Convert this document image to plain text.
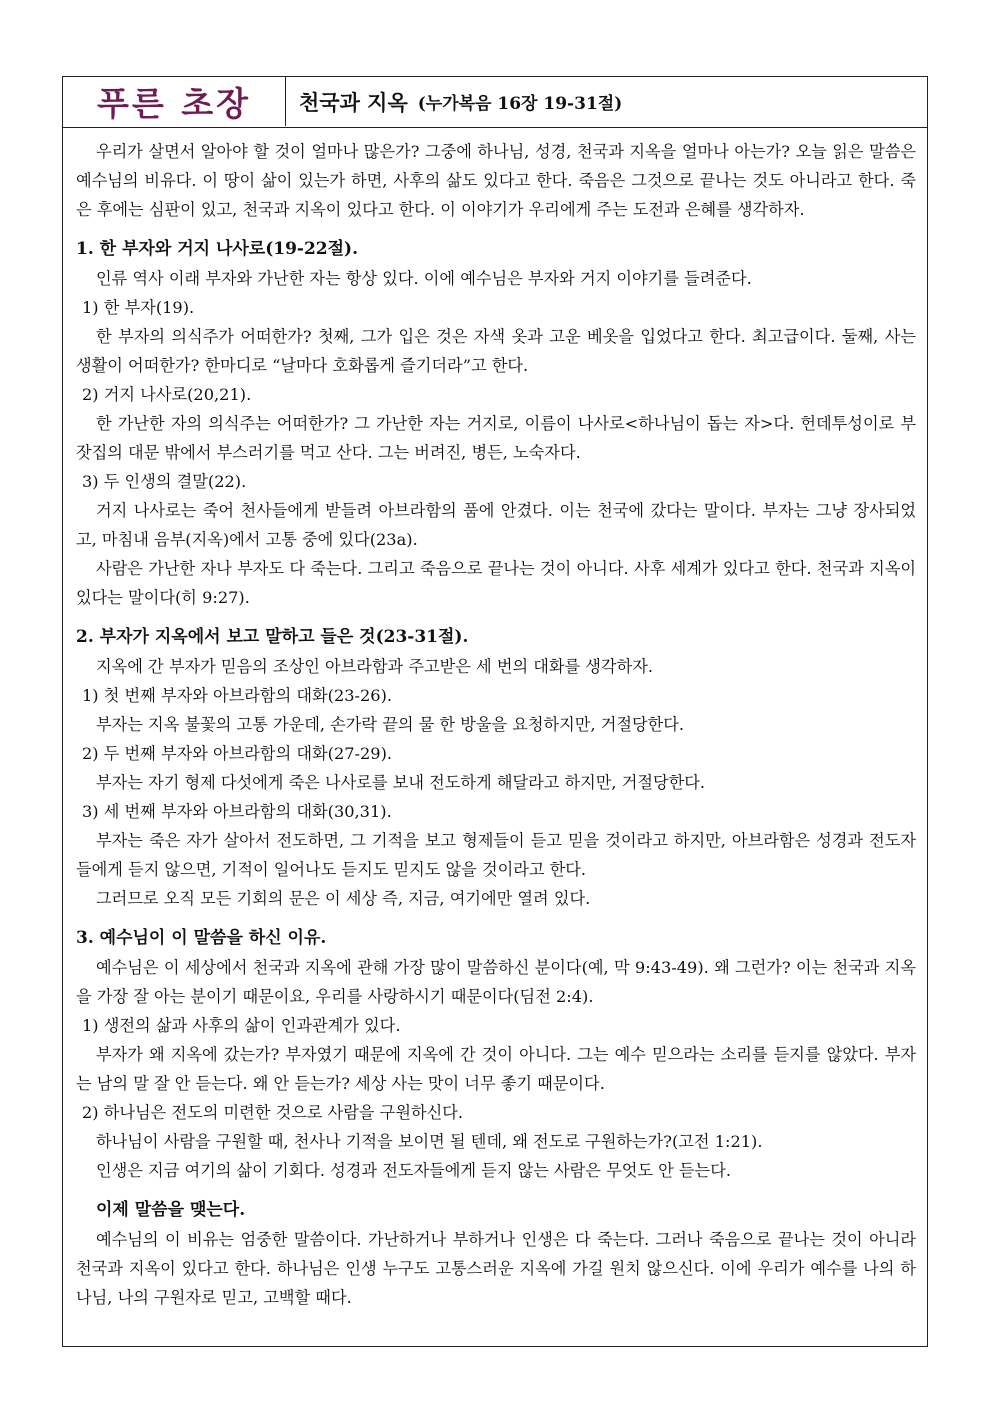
푸른 초장	천국과 지옥 (누가복음 16장 19-31절)

우리가 살면서 알아야 할 것이 얼마나 많은가? 그중에 하나님, 성경, 천국과 지옥을 얼마나 아는가? 오늘 읽은 말씀은 예수님의 비유다. 이 땅이 삶이 있는가 하면, 사후의 삶도 있다고 한다. 죽음은 그것으로 끝나는 것도 아니라고 한다. 죽은 후에는 심판이 있고, 천국과 지옥이 있다고 한다. 이 이야기가 우리에게 주는 도전과 은혜를 생각하자.

1. 한 부자와 거지 나사로(19-22절).

인류 역사 이래 부자와 가난한 자는 항상 있다. 이에 예수님은 부자와 거지 이야기를 들려준다.

1) 한 부자(19).

한 부자의 의식주가 어떠한가? 첫째, 그가 입은 것은 자색 옷과 고운 베옷을 입었다고 한다. 최고급이다. 둘째, 사는 생활이 어떠한가? 한마디로 “날마다 호화롭게 즐기더라”고 한다.

2) 거지 나사로(20,21).

한 가난한 자의 의식주는 어떠한가? 그 가난한 자는 거지로, 이름이 나사로<하나님이 돕는 자>다. 헌데투성이로 부잣집의 대문 밖에서 부스러기를 먹고 산다. 그는 버려진, 병든, 노숙자다.

3) 두 인생의 결말(22).

거지 나사로는 죽어 천사들에게 받들려 아브라함의 품에 안겼다. 이는 천국에 갔다는 말이다. 부자는 그냥 장사되었고, 마침내 음부(지옥)에서 고통 중에 있다(23a).

사람은 가난한 자나 부자도 다 죽는다. 그리고 죽음으로 끝나는 것이 아니다. 사후 세계가 있다고 한다. 천국과 지옥이 있다는 말이다(히 9:27).

2. 부자가 지옥에서 보고 말하고 들은 것(23-31절).

지옥에 간 부자가 믿음의 조상인 아브라함과 주고받은 세 번의 대화를 생각하자.

1) 첫 번째 부자와 아브라함의 대화(23-26).

부자는 지옥 불꽃의 고통 가운데, 손가락 끝의 물 한 방울을 요청하지만, 거절당한다.

2) 두 번째 부자와 아브라함의 대화(27-29).

부자는 자기 형제 다섯에게 죽은 나사로를 보내 전도하게 해달라고 하지만, 거절당한다.

3) 세 번째 부자와 아브라함의 대화(30,31).

부자는 죽은 자가 살아서 전도하면, 그 기적을 보고 형제들이 듣고 믿을 것이라고 하지만, 아브라함은 성경과 전도자들에게 듣지 않으면, 기적이 일어나도 듣지도 믿지도 않을 것이라고 한다.

그러므로 오직 모든 기회의 문은 이 세상 즉, 지금, 여기에만 열려 있다.

3. 예수님이 이 말씀을 하신 이유.

예수님은 이 세상에서 천국과 지옥에 관해 가장 많이 말씀하신 분이다(예, 막 9:43-49). 왜 그런가? 이는 천국과 지옥을 가장 잘 아는 분이기 때문이요, 우리를 사랑하시기 때문이다(딤전 2:4).

1) 생전의 삶과 사후의 삶이 인과관계가 있다.

부자가 왜 지옥에 갔는가? 부자였기 때문에 지옥에 간 것이 아니다. 그는 예수 믿으라는 소리를 듣지를 않았다. 부자는 남의 말 잘 안 듣는다. 왜 안 듣는가? 세상 사는 맛이 너무 좋기 때문이다.

2) 하나님은 전도의 미련한 것으로 사람을 구원하신다.

하나님이 사람을 구원할 때, 천사나 기적을 보이면 될 텐데, 왜 전도로 구원하는가?(고전 1:21).

인생은 지금 여기의 삶이 기회다. 성경과 전도자들에게 듣지 않는 사람은 무엇도 안 듣는다.

이제 말씀을 맺는다.

예수님의 이 비유는 엄중한 말씀이다. 가난하거나 부하거나 인생은 다 죽는다. 그러나 죽음으로 끝나는 것이 아니라 천국과 지옥이 있다고 한다. 하나님은 인생 누구도 고통스러운 지옥에 가길 원치 않으신다. 이에 우리가 예수를 나의 하나님, 나의 구원자로 믿고, 고백할 때다.
